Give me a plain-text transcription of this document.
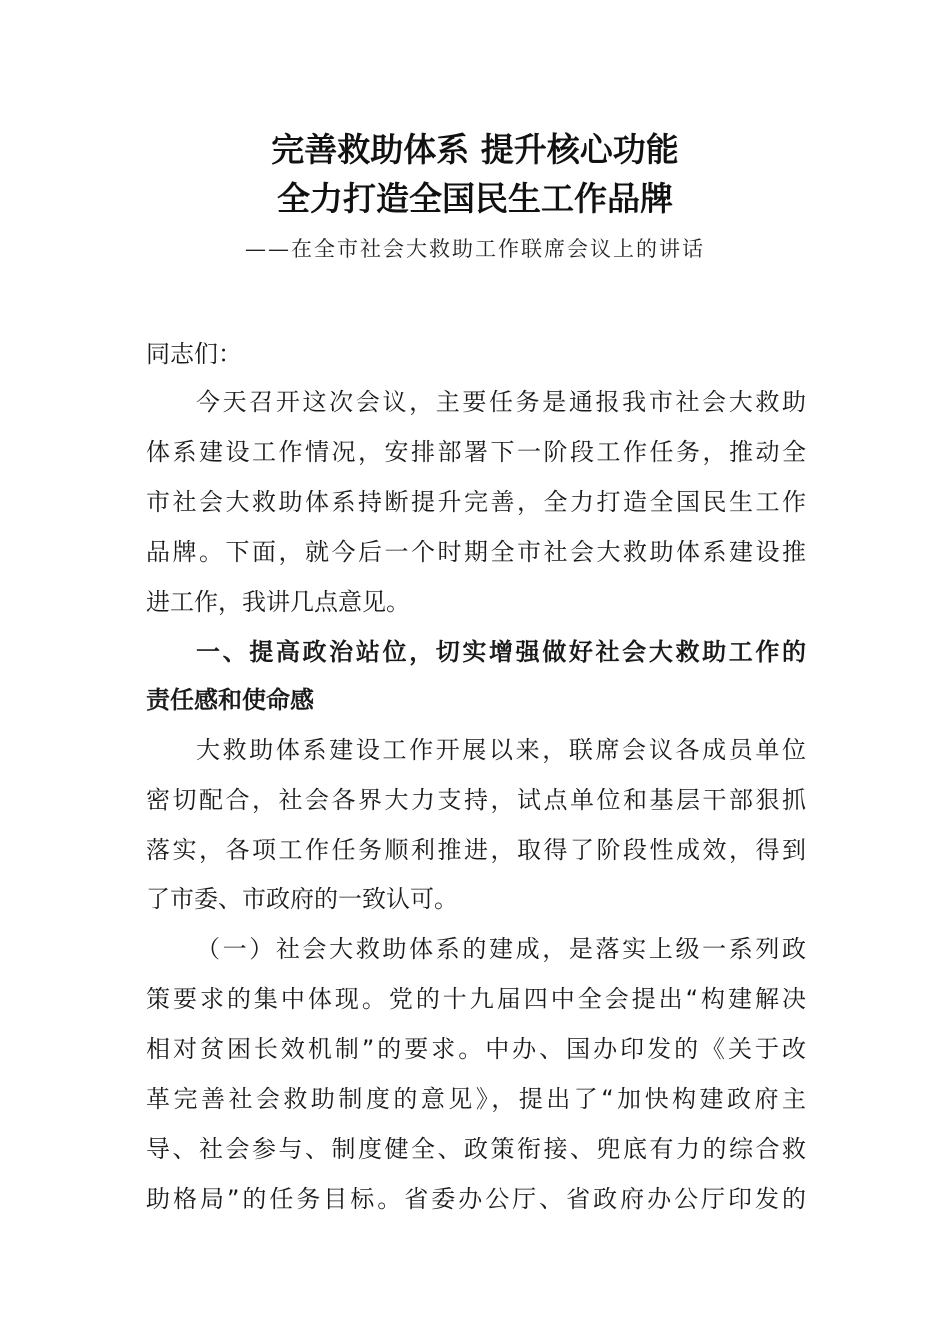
完善救助体系 提升核心功能
全力打造全国民生工作品牌
——在全市社会大救助工作联席会议上的讲话
同志们：
今天召开这次会议，主要任务是通报我市社会大救助
体系建设工作情况，安排部署下一阶段工作任务，推动全
市社会大救助体系持断提升完善，全力打造全国民生工作
品牌。下面，就今后一个时期全市社会大救助体系建设推
进工作，我讲几点意见。
一、提高政治站位，切实增强做好社会大救助工作的
责任感和使命感
大救助体系建设工作开展以来，联席会议各成员单位
密切配合，社会各界大力支持，试点单位和基层干部狠抓
落实，各项工作任务顺利推进，取得了阶段性成效，得到
了市委、市政府的一致认可。
（一）社会大救助体系的建成，是落实上级一系列政
策要求的集中体现。党的十九届四中全会提出“构建解决
相对贫困长效机制”的要求。中办、国办印发的《关于改
革完善社会救助制度的意见》，提出了“加快构建政府主
导、社会参与、制度健全、政策衔接、兜底有力的综合救
助格局”的任务目标。省委办公厅、省政府办公厅印发的
